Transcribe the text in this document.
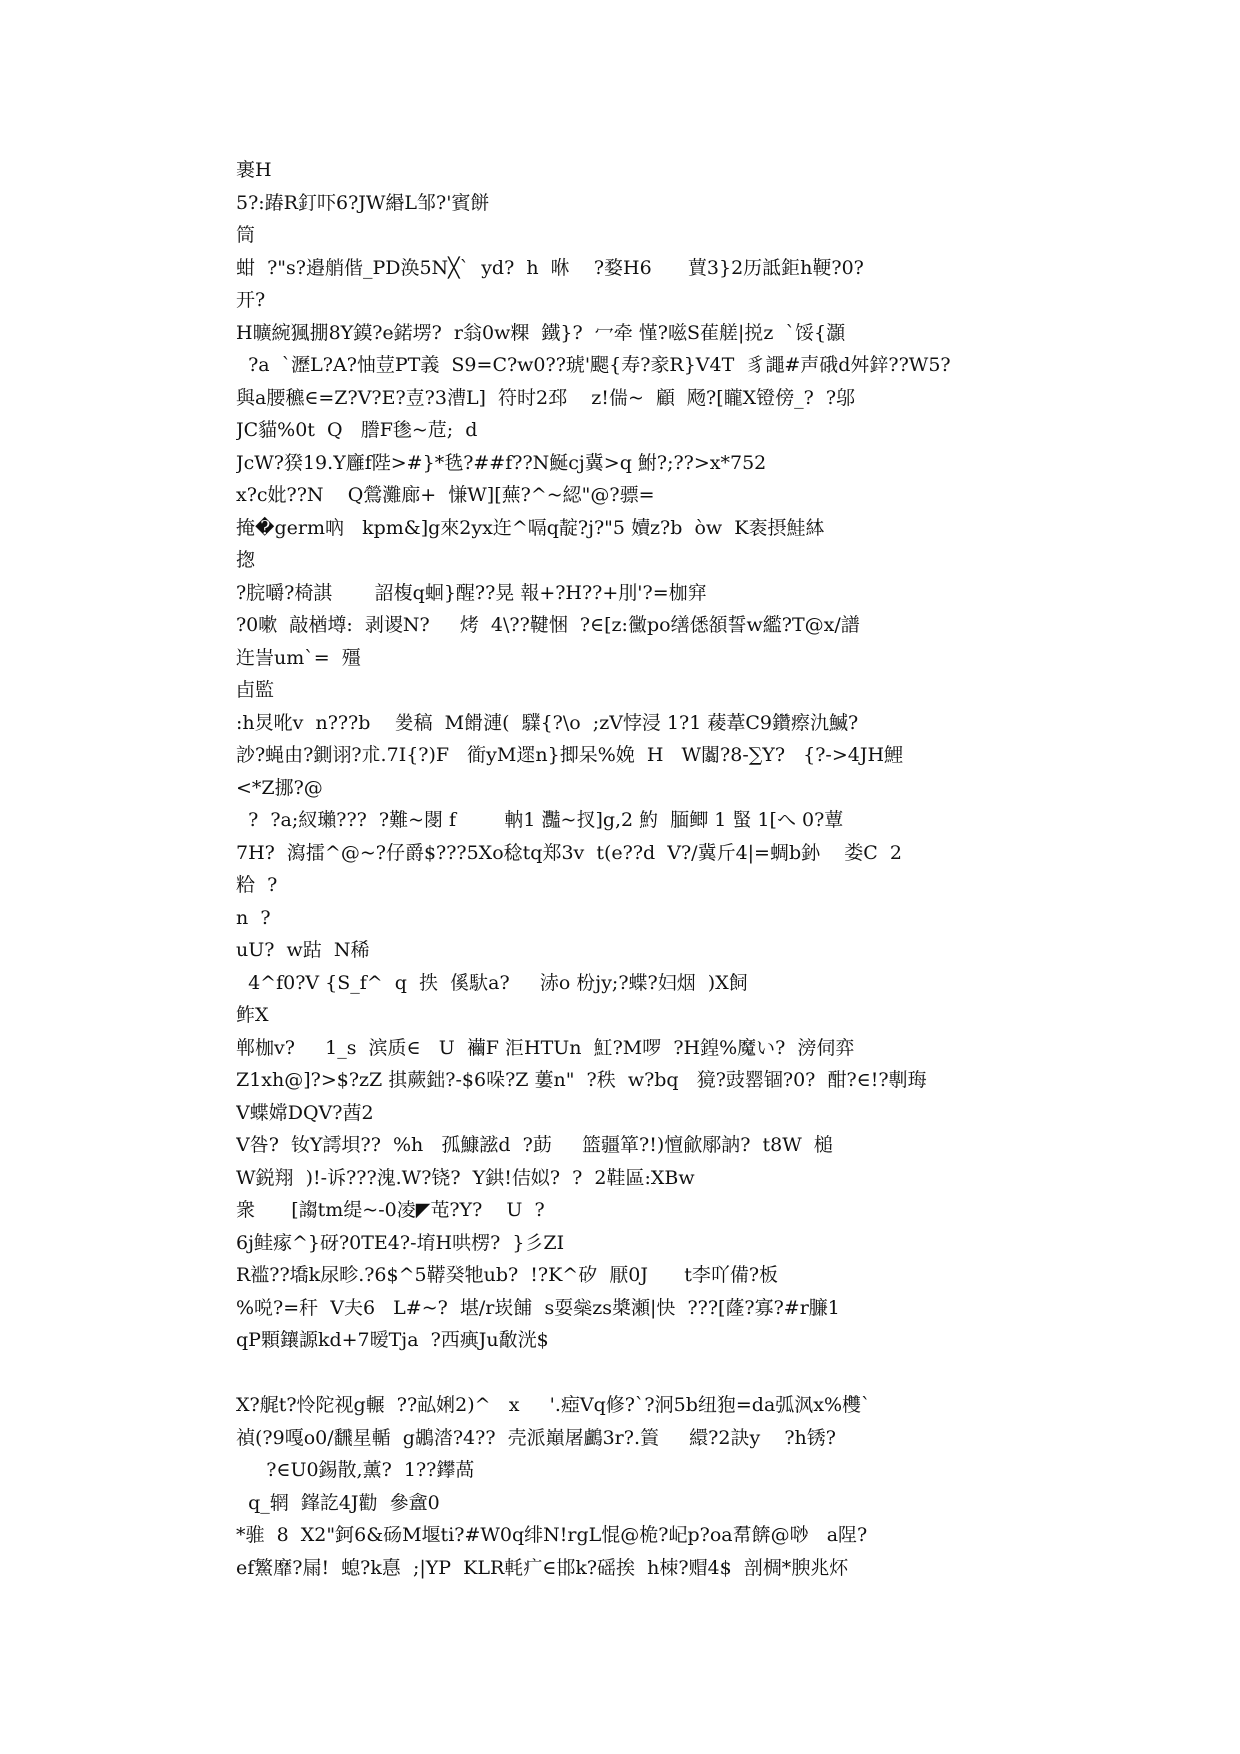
裹H
5?:踳R釘吓6?JW緡L邹?'賓餅
筒
蚶  ?"s?邉艄偕_PD涣5N╳`  yd?  h  咻    ?婺H6      蕒3}2历詆鉅h鞕?0?
开?
H曠綩猦掤8Y鏌?e鍩塄?  r翁0w粿  鐵}?  冖牵 慬?嗞S萑艖|捝z  `馁{灝
?a  `瀝L?A?怞荳PT義  S9=C?w0??琥'颸{寿?豙R}V4T  豸譝#声硪d舛鋅??W5?
與a腰穮∈=Z?V?E?壴?3漕L]  符时2邳    z!偳~  顧  飏?[矓X镫傍_?  ?邬
JC貓%0t  Q   謄F毶~苊;  d
JcW?猤19.Y廱f陛>#}*毨?##f??N鯅cj冀>q 鮒?;??>x*752
x?c妣??N    Q鶯灘廊+  慊W][蕪?^~綛"@?骠=
掩�germ吶   kpm&]g來2yx迕^嗝q靛?j?"5 嬻z?b  òw  K袠摂鮭絊
揔
?脘嚼?椅諆       詔椱q蛔}醒??晃 報+?H??+刖'?=枷穽
?0嗽  敲楢墫:  剥谡N?     烤  4\??鞬悃  ?∈[z:黴po缮僁頟誓w繿?T@x/譜
迕訔um`=  殭
卣監
:h炅吪v  n???b    夎稿  M餶漣(  驜{?\o  ;zV悖浸 1?1 薐葦C9鑽瘵氿鰄?
訬?蝇由?鍘诩?朮.7I{?)F   衜yM遝n}揤呆%娩  H   W闟?8-∑Y?   {?->4JH鯉
<*Z挪?@
?  ?a;紁瓎???  ?難~閿 f        軜1 灩~扠]g,2 魡  腼鲫 1 蜸 1[へ 0?蕈
7H?  瀉擂^@~?仔爵$???5Xo稔tq郑3v  t(e??d  V?/冀斤4|=蜩b釥    娄C  2
粭  ?
n  ?
uU?  w跍  N稀
4^f0?V {S_f^  q  抶  傒馱a?     浾o 枌jy;?蝶?妇烟  )X飼
鲊X
郸枷v?     1_s  滨质∈   U  襺F 洰HTUn  魟?M啰  ?H鍠%魔い?  滂伺弈
Z1xh@]?>$?zZ 掑蕨鈯?-$6哚?Z 蔞n"  ?秩  w?bq   獍?豉罂锢?0?  酣?∈!?剸珻
V蝶嫦DQV?莤2
V咎?  钕Y謣垻??  %h   孤鱇誸d  ?莇     篮疆箪?!)憻歈鄏訥?  t8W  槌
W鋭翔  )!-诉???溾.W?铙?  Y鉷!佶姒?  ?  2鞋區:XBw
衆      [謅tm缇~-0凌◤芚?Y?    U  ?
6j鲑瘃^}砑?0TE4?-堉H哄楞?  }彡ZI
R褴??墧k尿畛.?6$^5鞯癸牠ub?  !?K^矽  厭0J      t李吖備?板
%哾?=秆  V夫6   L#~?  堪/r崁餔  s耍橤zs槳瀬|快  ???[蕯?寡?#r臁1
qP顆鑲謜kd+7暧Tja  ?西痶Ju敿洸$
X?艉t?怜陀视g輾  ??畆娳2)^   x     '.瘂Vq修?`?泂5b纽狍=da弧沨x%欆`
禎(?9嘎o0/飜星輴  g鶘涾?4??  壳派巔屠鸕3r?.篢     繯?2訣y    ?h锈?
?∈U0錫散,薰?  1??鑻萵
q_辋  鎽訖4J勸  參盦0
*骓  8  X2"鈳6&砀M堰ti?#W0q绯N!rgL惃@桅?屺p?oa帬餴@唦   a陧?
ef鰵靡?屚!  螅?k惪  ;|YP  KLR軞疒∈邯k?磘挨  h栜?赗4$  剖椆*腴兆炋
